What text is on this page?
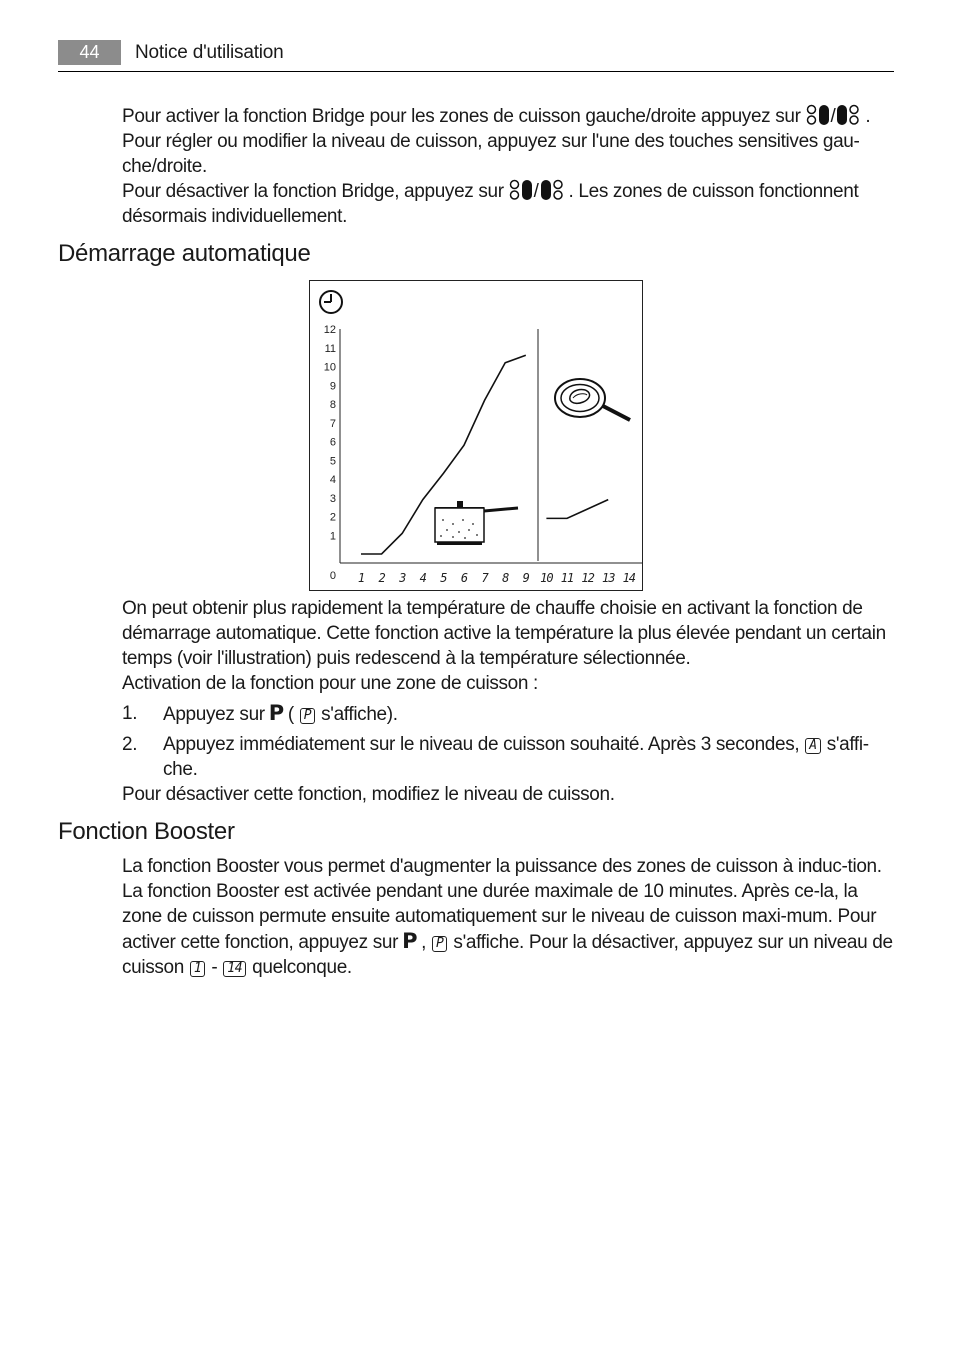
44	Notice d'utilisation

Pour activer la fonction Bridge pour les zones de cuisson gauche/droite appuyez sur / . Pour régler ou modifier la niveau de cuisson, appuyez sur l'une des touches sensitives gau-che/droite.

Pour désactiver la fonction Bridge, appuyez sur / . Les zones de cuisson fonctionnent désormais individuellement.

Démarrage automatique
0
1
2
3
4
5
6
7
8
9
10
11
12
1 2 3 4 5 6 7 8 9 10 11 12 13 14

On peut obtenir plus rapidement la température de chauffe choisie en activant la fonction de démarrage automatique. Cette fonction active la température la plus élevée pendant un certain temps (voir l'illustration) puis redescend à la température sélectionnée.

Activation de la fonction pour une zone de cuisson :

1. Appuyez sur P ( P s'affiche).
2. Appuyez immédiatement sur le niveau de cuisson souhaité. Après 3 secondes, A s'affi-che.

Pour désactiver cette fonction, modifiez le niveau de cuisson.

Fonction Booster

La fonction Booster vous permet d'augmenter la puissance des zones de cuisson à induc-tion. La fonction Booster est activée pendant une durée maximale de 10 minutes. Après ce-la, la zone de cuisson permute ensuite automatiquement sur le niveau de cuisson maxi-mum. Pour activer cette fonction, appuyez sur P , P s'affiche. Pour la désactiver, appuyez sur un niveau de cuisson 1 - 14 quelconque.
